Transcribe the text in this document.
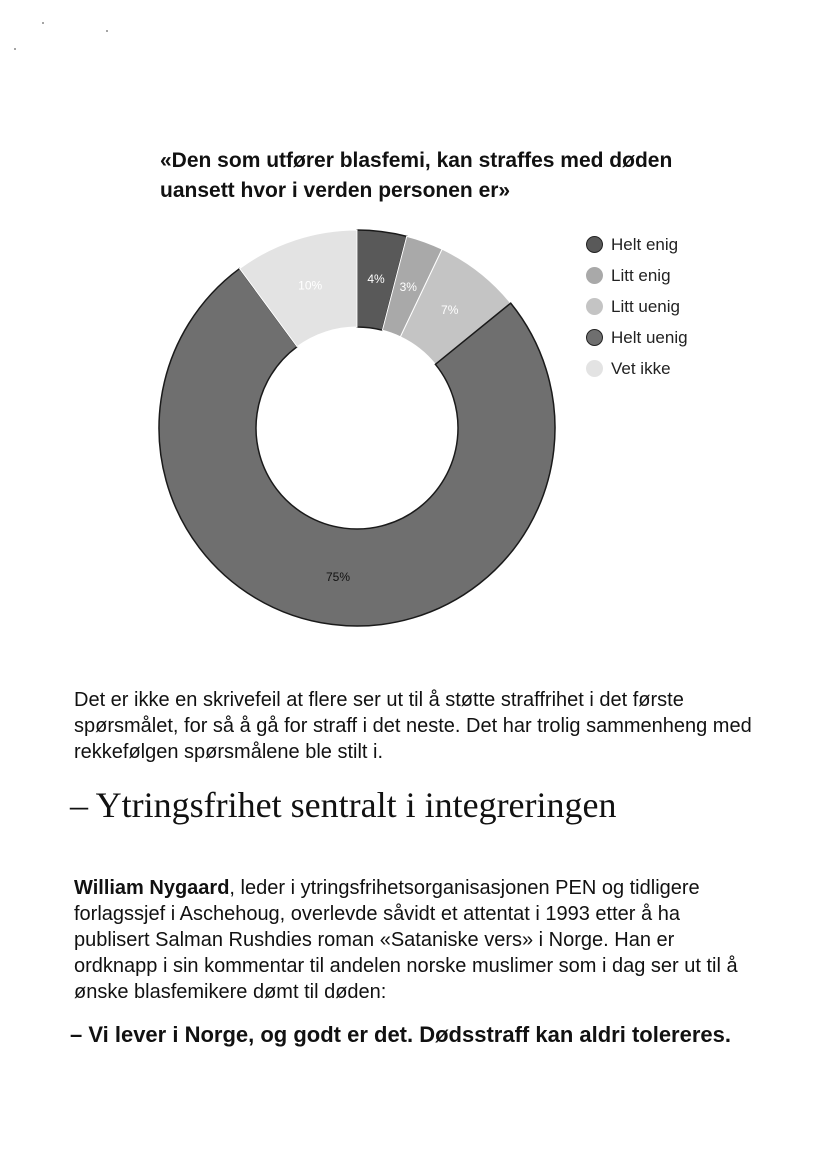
«Den som utfører blasfemi, kan straffes med døden
uansett hvor i verden personen er»
4%
3%
7%
75%
10%
Helt enig
Litt enig
Litt uenig
Helt uenig
Vet ikke

Det er ikke en skrivefeil at flere ser ut til å støtte straffrihet i det første spørsmålet, for så å gå for straff i det neste. Det har trolig sammenheng med rekkefølgen spørsmålene ble stilt i.

– Ytringsfrihet sentralt i integreringen

William Nygaard, leder i ytringsfrihetsorganisasjonen PEN og tidligere forlagssjef i Aschehoug, overlevde såvidt et attentat i 1993 etter å ha publisert Salman Rushdies roman «Sataniske vers» i Norge. Han er ordknapp i sin kommentar til andelen norske muslimer som i dag ser ut til å ønske blasfemikere dømt til døden:

– Vi lever i Norge, og godt er det. Dødsstraff kan aldri tolereres.
